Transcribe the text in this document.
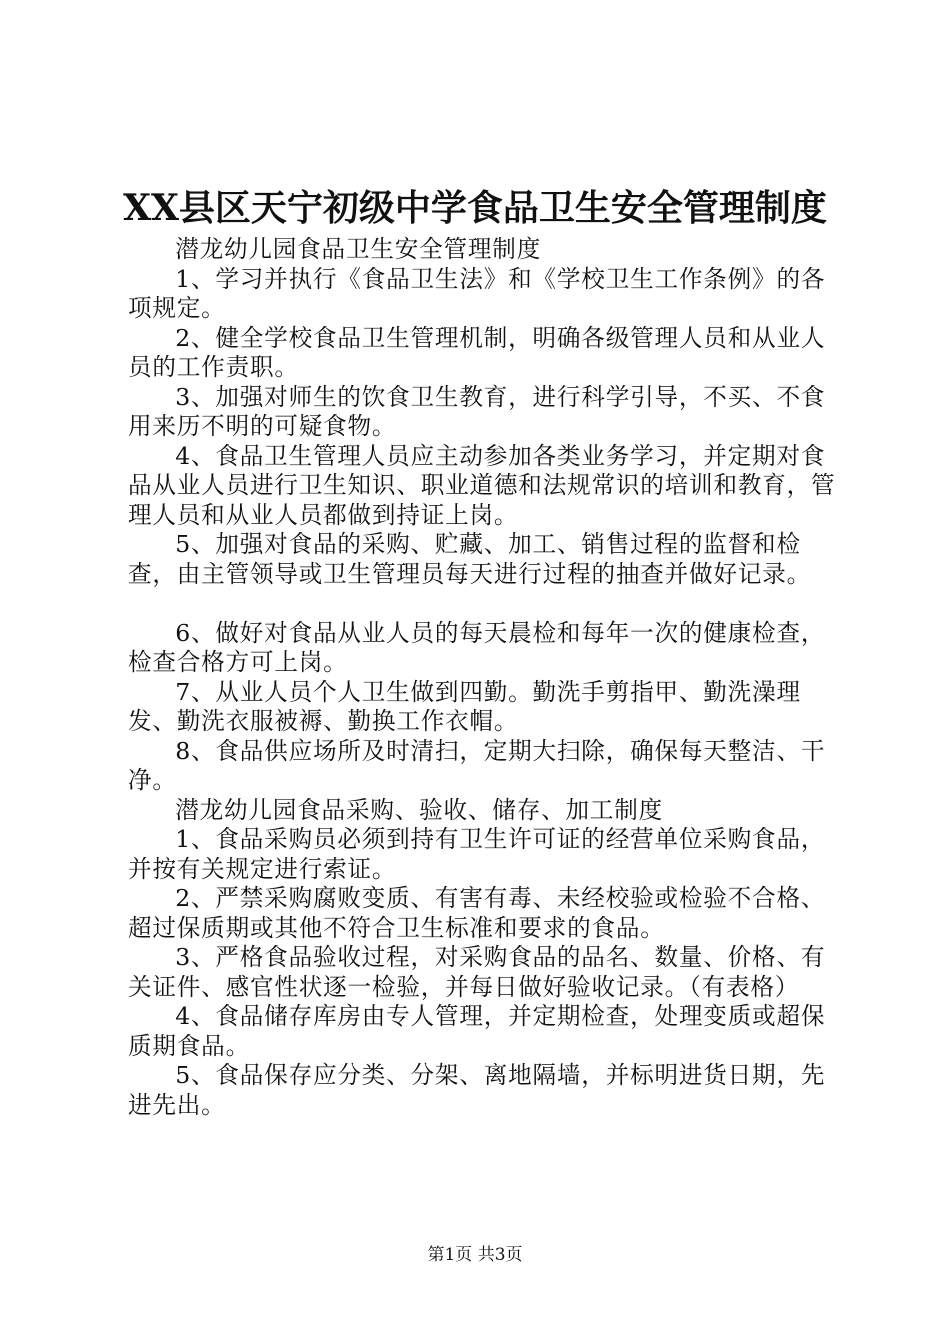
XX县区天宁初级中学食品卫生安全管理制度

潜龙幼儿园食品卫生安全管理制度

1、学习并执行《食品卫生法》和《学校卫生工作条例》的各项规定。

2、健全学校食品卫生管理机制，明确各级管理人员和从业人员的工作责职。

3、加强对师生的饮食卫生教育，进行科学引导，不买、不食用来历不明的可疑食物。

4、食品卫生管理人员应主动参加各类业务学习，并定期对食品从业人员进行卫生知识、职业道德和法规常识的培训和教育，管理人员和从业人员都做到持证上岗。

5、加强对食品的采购、贮藏、加工、销售过程的监督和检查，由主管领导或卫生管理员每天进行过程的抽查并做好记录。

6、做好对食品从业人员的每天晨检和每年一次的健康检查，检查合格方可上岗。

7、从业人员个人卫生做到四勤。勤洗手剪指甲、勤洗澡理发、勤洗衣服被褥、勤换工作衣帽。

8、食品供应场所及时清扫，定期大扫除，确保每天整洁、干净。

潜龙幼儿园食品采购、验收、储存、加工制度

1、食品采购员必须到持有卫生许可证的经营单位采购食品，并按有关规定进行索证。

2、严禁采购腐败变质、有害有毒、未经校验或检验不合格、超过保质期或其他不符合卫生标准和要求的食品。

3、严格食品验收过程，对采购食品的品名、数量、价格、有关证件、感官性状逐一检验，并每日做好验收记录。（有表格）

4、食品储存库房由专人管理，并定期检查，处理变质或超保质期食品。

5、食品保存应分类、分架、离地隔墙，并标明进货日期，先进先出。

第1页 共3页
